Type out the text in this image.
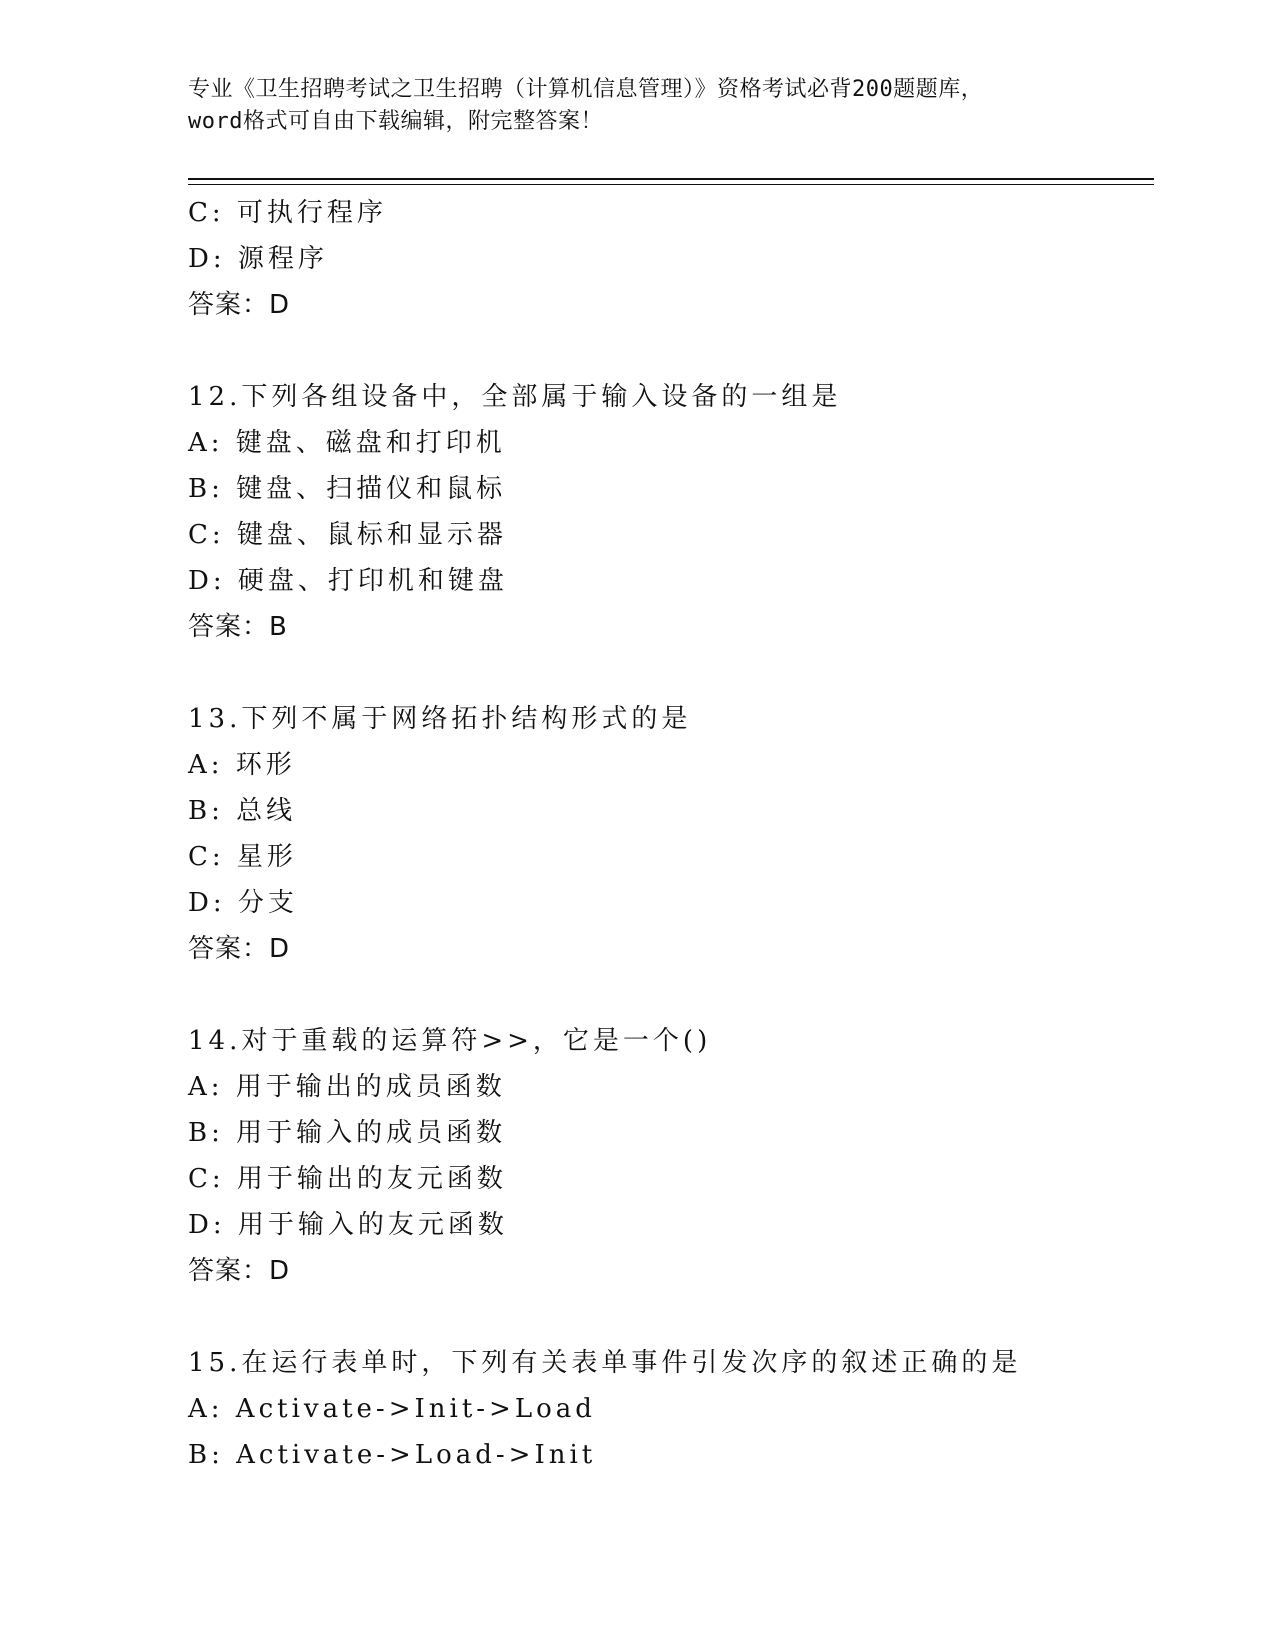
专业《卫生招聘考试之卫生招聘（计算机信息管理）》资格考试必背200题题库，
word格式可自由下载编辑，附完整答案！
C: 可执行程序
D: 源程序
答案：D
12.下列各组设备中，全部属于输入设备的一组是
A: 键盘、磁盘和打印机
B: 键盘、扫描仪和鼠标
C: 键盘、鼠标和显示器
D: 硬盘、打印机和键盘
答案：B
13.下列不属于网络拓扑结构形式的是
A: 环形
B: 总线
C: 星形
D: 分支
答案：D
14.对于重载的运算符>>，它是一个()
A: 用于输出的成员函数
B: 用于输入的成员函数
C: 用于输出的友元函数
D: 用于输入的友元函数
答案：D
15.在运行表单时，下列有关表单事件引发次序的叙述正确的是
A: Activate->Init->Load
B: Activate->Load->Init
